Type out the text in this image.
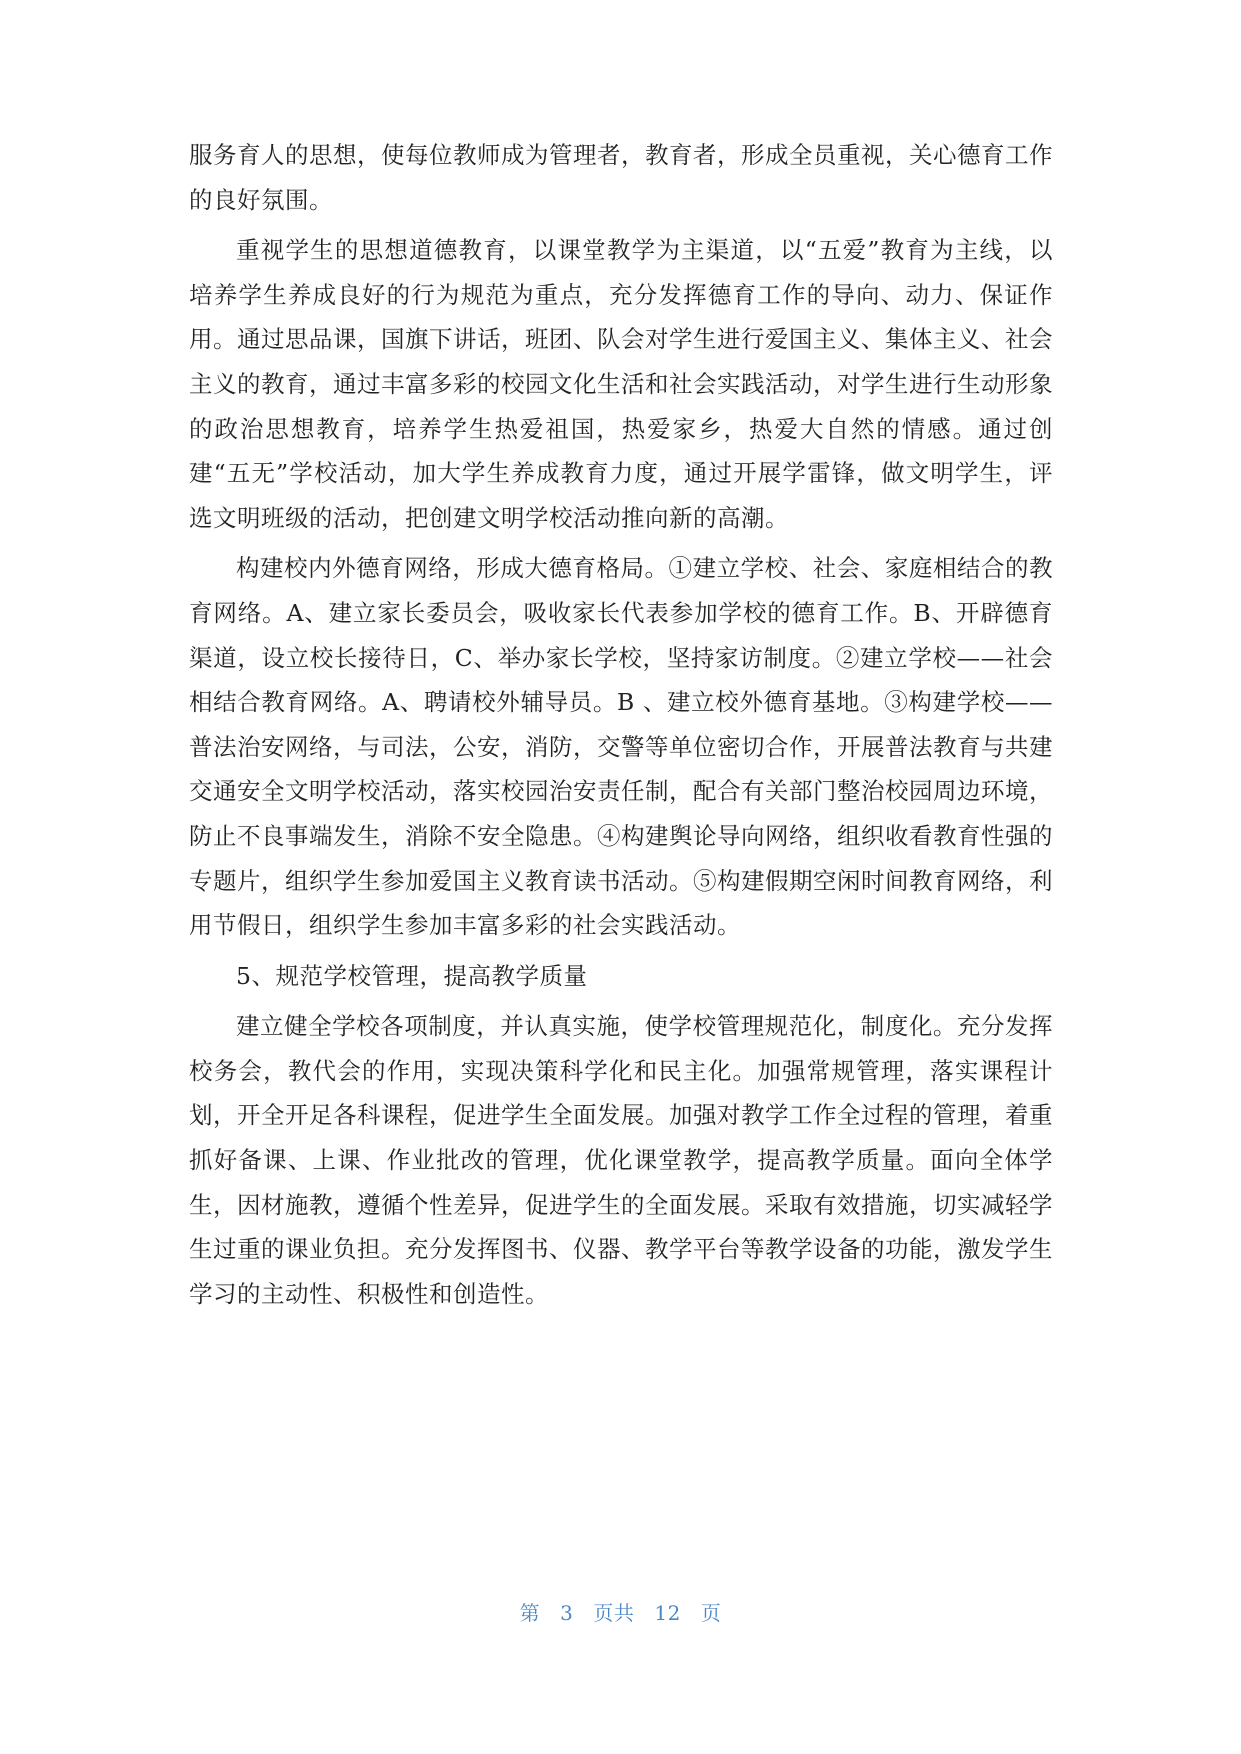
服务育人的思想，使每位教师成为管理者，教育者，形成全员重视，关心德育工作的良好氛围。

重视学生的思想道德教育，以课堂教学为主渠道，以“五爱”教育为主线，以培养学生养成良好的行为规范为重点，充分发挥德育工作的导向、动力、保证作用。通过思品课，国旗下讲话，班团、队会对学生进行爱国主义、集体主义、社会主义的教育，通过丰富多彩的校园文化生活和社会实践活动，对学生进行生动形象的政治思想教育，培养学生热爱祖国，热爱家乡，热爱大自然的情感。通过创建“五无”学校活动，加大学生养成教育力度，通过开展学雷锋，做文明学生，评选文明班级的活动，把创建文明学校活动推向新的高潮。

构建校内外德育网络，形成大德育格局。①建立学校、社会、家庭相结合的教育网络。A、建立家长委员会，吸收家长代表参加学校的德育工作。B、开辟德育渠道，设立校长接待日，C、举办家长学校，坚持家访制度。②建立学校——社会相结合教育网络。A、聘请校外辅导员。B 、建立校外德育基地。③构建学校——普法治安网络，与司法，公安，消防，交警等单位密切合作，开展普法教育与共建交通安全文明学校活动，落实校园治安责任制，配合有关部门整治校园周边环境，防止不良事端发生，消除不安全隐患。④构建舆论导向网络，组织收看教育性强的专题片，组织学生参加爱国主义教育读书活动。⑤构建假期空闲时间教育网络，利用节假日，组织学生参加丰富多彩的社会实践活动。

5、规范学校管理，提高教学质量

建立健全学校各项制度，并认真实施，使学校管理规范化，制度化。充分发挥校务会，教代会的作用，实现决策科学化和民主化。加强常规管理，落实课程计划，开全开足各科课程，促进学生全面发展。加强对教学工作全过程的管理，着重抓好备课、上课、作业批改的管理，优化课堂教学，提高教学质量。面向全体学生，因材施教，遵循个性差异，促进学生的全面发展。采取有效措施，切实减轻学生过重的课业负担。充分发挥图书、仪器、教学平台等教学设备的功能，激发学生学习的主动性、积极性和创造性。

第 3 页共 12 页
